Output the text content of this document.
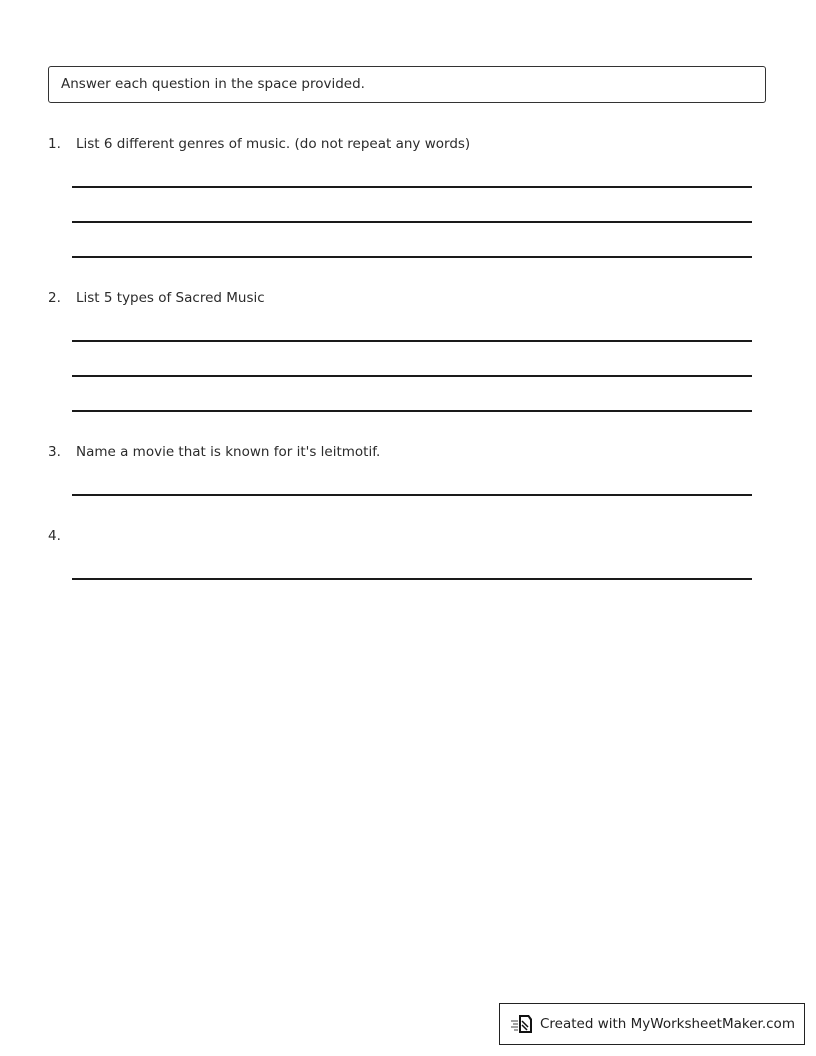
Answer each question in the space provided.
1. List 6 different genres of music. (do not repeat any words)
2. List 5 types of Sacred Music
3. Name a movie that is known for it's leitmotif.
4.
Created with MyWorksheetMaker.com
